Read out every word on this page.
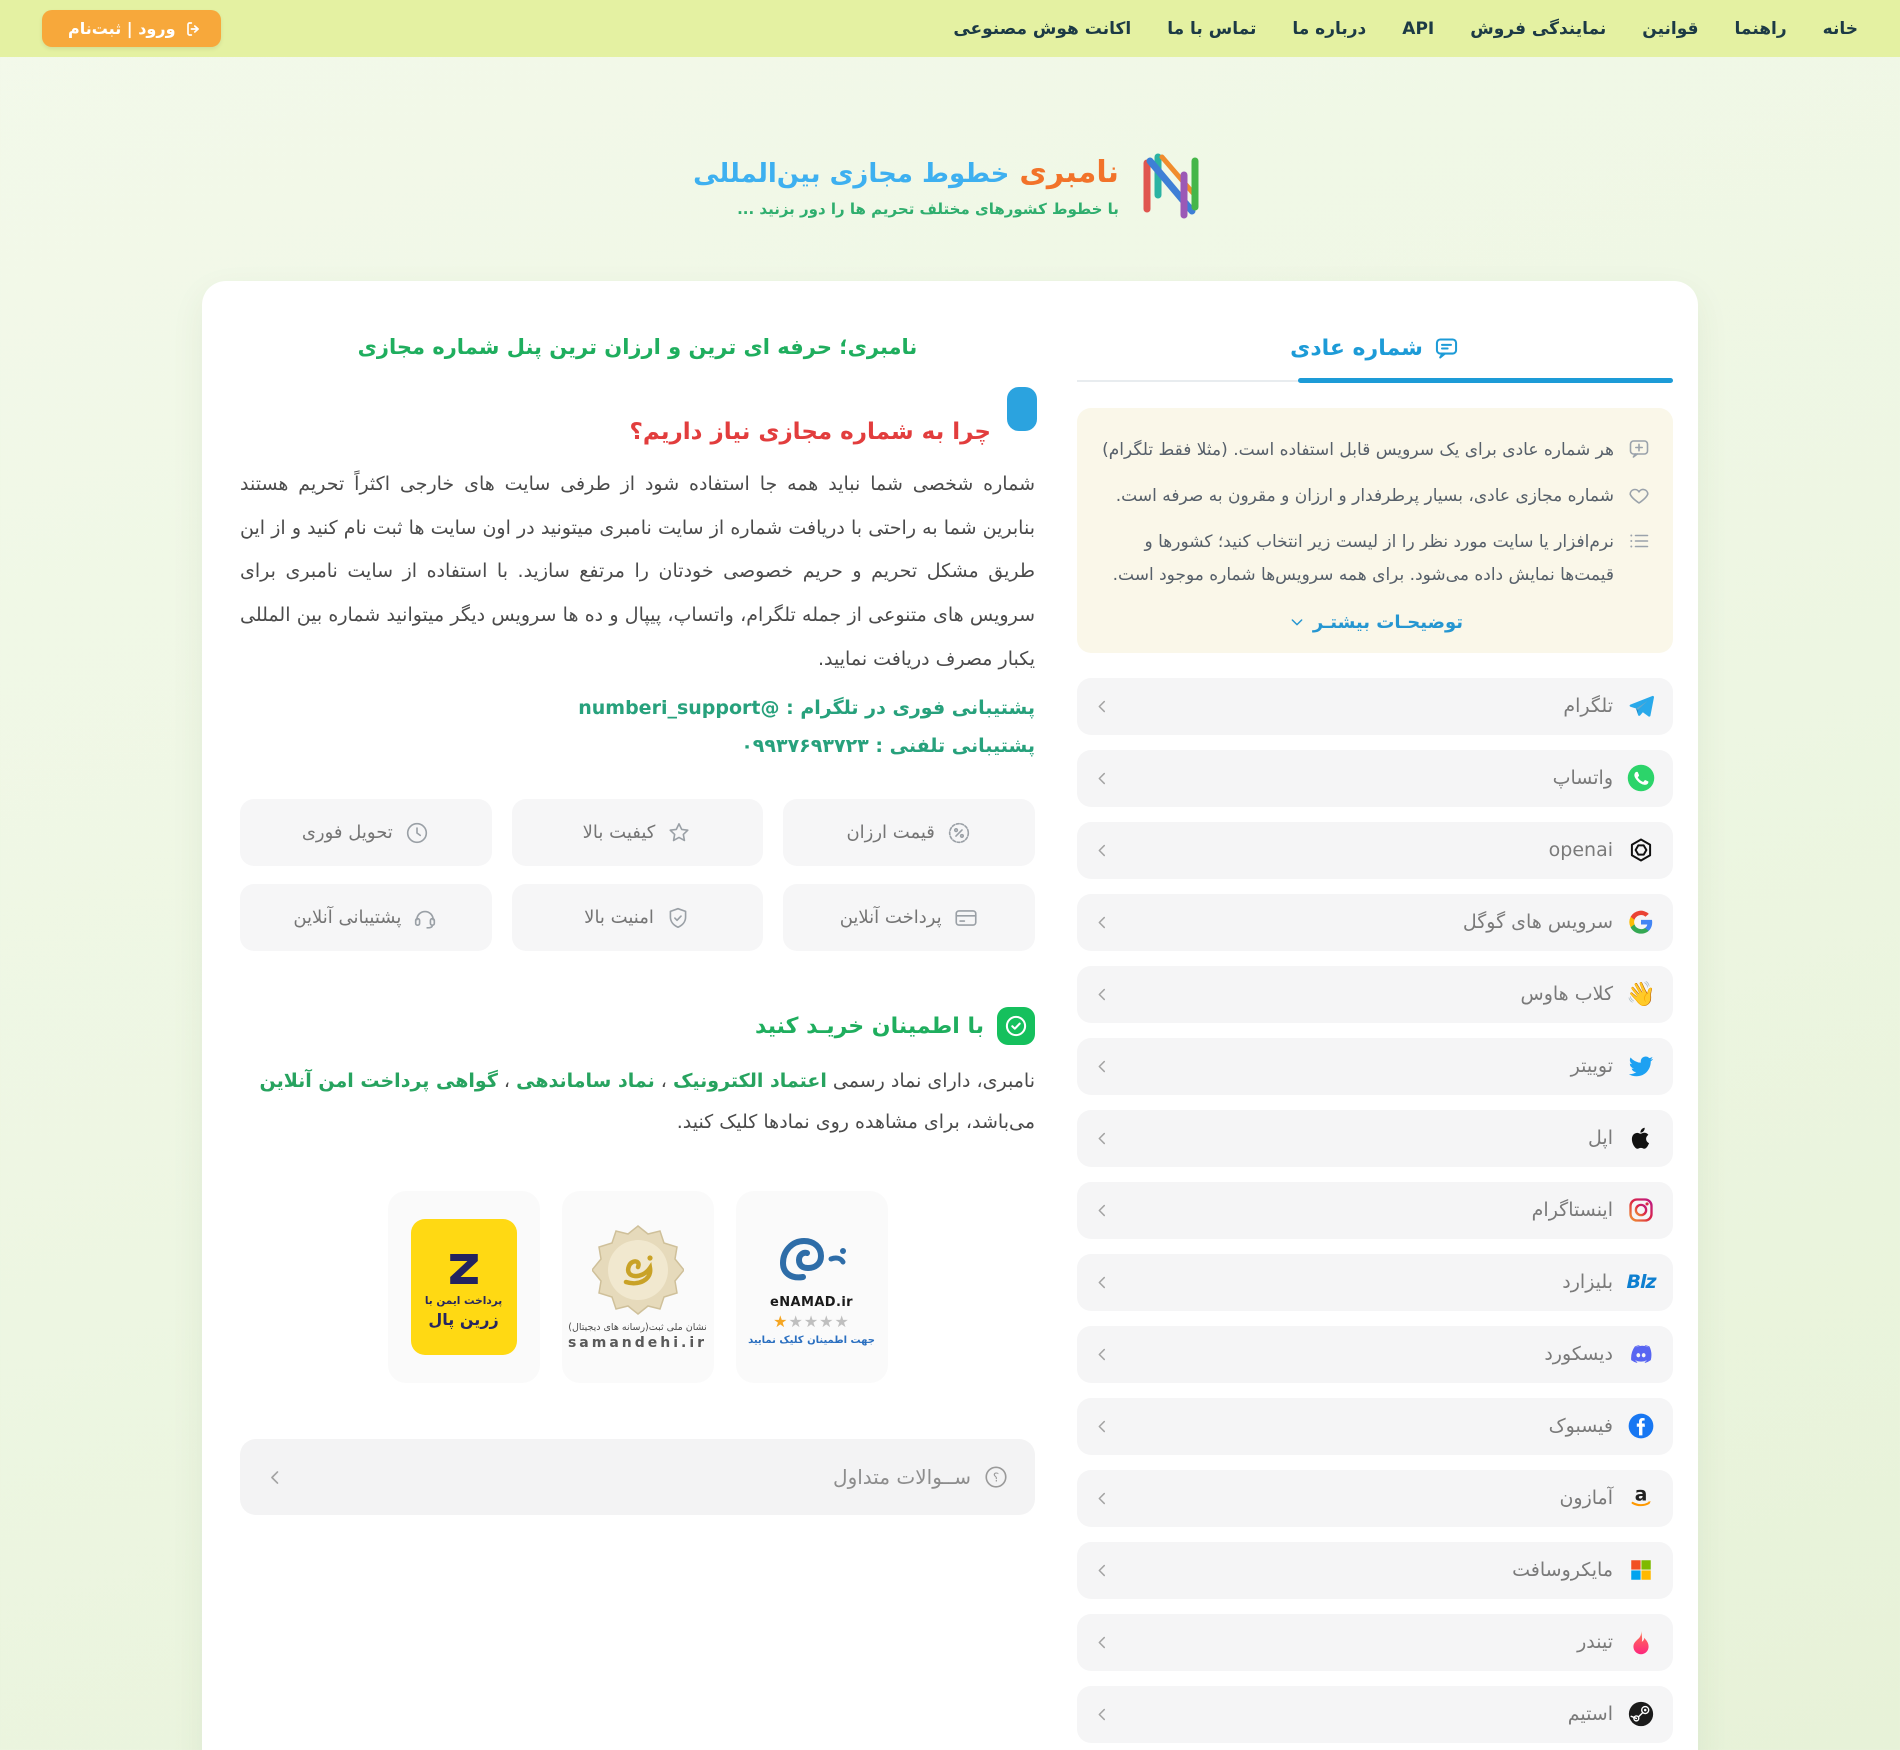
خانه
راهنما
قوانین
نمایندگی فروش
API
درباره ما
تماس با ما
اکانت هوش مصنوعی
ورود | ثبت‌نام
نامبری
خطوط مجازی بین‌المللی
با خطوط کشورهای مختلف تحریم ها را دور بزنید ...
شماره عادی
هر شماره عادی برای یک سرویس قابل استفاده است. (مثلا فقط تلگرام)
شماره مجازی عادی، بسیار پرطرفدار و ارزان و مقرون به صرفه است.
نرم‌افزار یا سایت مورد نظر را از لیست زیر انتخاب کنید؛ کشورها و قیمت‌ها نمایش داده می‌شود. برای همه سرویس‌ها شماره موجود است.
توضیحـات بیشتـر
تلگرام
واتساپ
openai
سرویس های گوگل
👋
کلاب هاوس
توییتر
اپل
اینستاگرام
Blz
بلیزارد
دیسکورد
فیسبوک
a
آمازون
مایکروسافت
تیندر
استیم
نامبری؛ حرفه ای ترین و ارزان ترین پنل شماره مجازی
چرا به شماره مجازی نیاز داریم؟

شماره شخصی شما نباید همه جا استفاده شود از طرفی سایت های خارجی اکثراً تحریم هستند بنابرین شما به راحتی با دریافت شماره از سایت نامبری میتونید در اون سایت ها ثبت نام کنید و از این طریق مشکل تحریم و حریم خصوصی خودتان را مرتفع سازید. با استفاده از سایت نامبری برای سرویس های متنوعی از جمله تلگرام، واتساپ، پیپال و ده ها سرویس دیگر میتوانید شماره بین المللی یکبار مصرف دریافت نمایید.

پشتیبانی فوری در تلگرام : @numberi_support
پشتیبانی تلفنی : ۰۹۹۳۷۶۹۳۷۲۳
قیمت ارزان
کیفیت بالا
تحویل فوری
پرداخت آنلاین
امنیت بالا
پشتیبانی آنلاین
با اطمینان خریـد کنید

نامبری، دارای نماد رسمی اعتماد الکترونیک ، نماد ساماندهی ، گواهی پرداخت امن آنلاین می‌باشد، برای مشاهده روی نمادها کلیک کنید.

eNAMAD.ir
★ ★ ★ ★ ★
جهت اطمینان کلیک نمایید
نشان ملی ثبت(رسانه های دیجیتال)
samandehi.ir
پرداخت ایمن با
زرین پال
؟
ســوالات متداول
